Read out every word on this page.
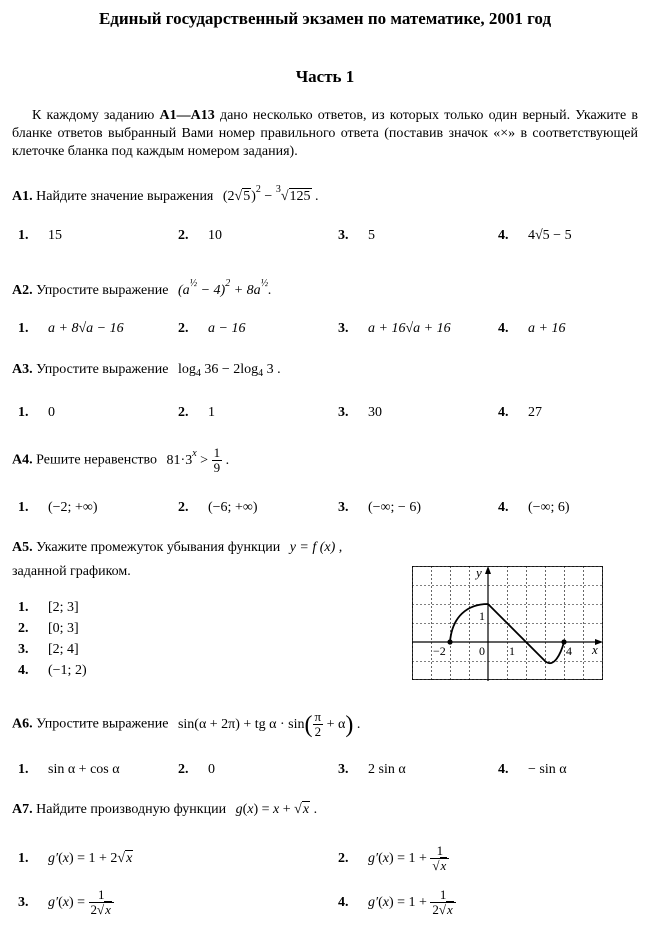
Единый государственный экзамен по математике, 2001 год
Часть 1
К каждому заданию А1—А13 дано несколько ответов, из которых только один верный. Укажите в бланке ответов выбранный Вами номер правильного ответа (поставив значок «×» в соответствующей клеточке бланка под каждым номером задания).
А1. Найдите значение выражения $(2√5)^2 - ^3√125$ .
1. 15	2. 10	3. 5	4. 4√5 − 5
А2. Упростите выражение $(a^{\frac{1}{2}} - 4)^2 + 8a^{\frac{1}{2}}$.
1. a + 8√a − 16	2. a − 16	3. a + 16√a + 16	4. a + 16
А3. Упростите выражение $\log_4 36 - 2\log_4$ 3 .
1. 0	2. 1	3. 30	4. 27
А4. Решите неравенство $81\cdot 3^x > \frac{1}{9}$ .
1. (−2; +∞)	2. (−6; +∞)	3. (−∞; − 6)	4. (−∞; 6)
А5. Укажите промежуток убывания функции y = f (x) ,
заданной графиком.
1. [2; 3]
2. [0; 3]
3. [2; 4]
4. (−1; 2)
y
x
−2	0 1	4
1
А6. Упростите выражение sin(α + 2π) + tg $\alpha \cdot \sin( \frac{\pi}{2} + \alpha)$ .
1. sin α + cos α	2. 0	3. 2 sin α	4. − sin α
А7. Найдите производную функции g(x) = x + √x .
1. g′(x) = 1 + 2√x	2. $g'(x) = 1 + \frac{1}{√x}$
3. $g'(x) = \frac{1}{2√x}$	4. $g'(x) = 1 + \frac{1}{2√x}$
